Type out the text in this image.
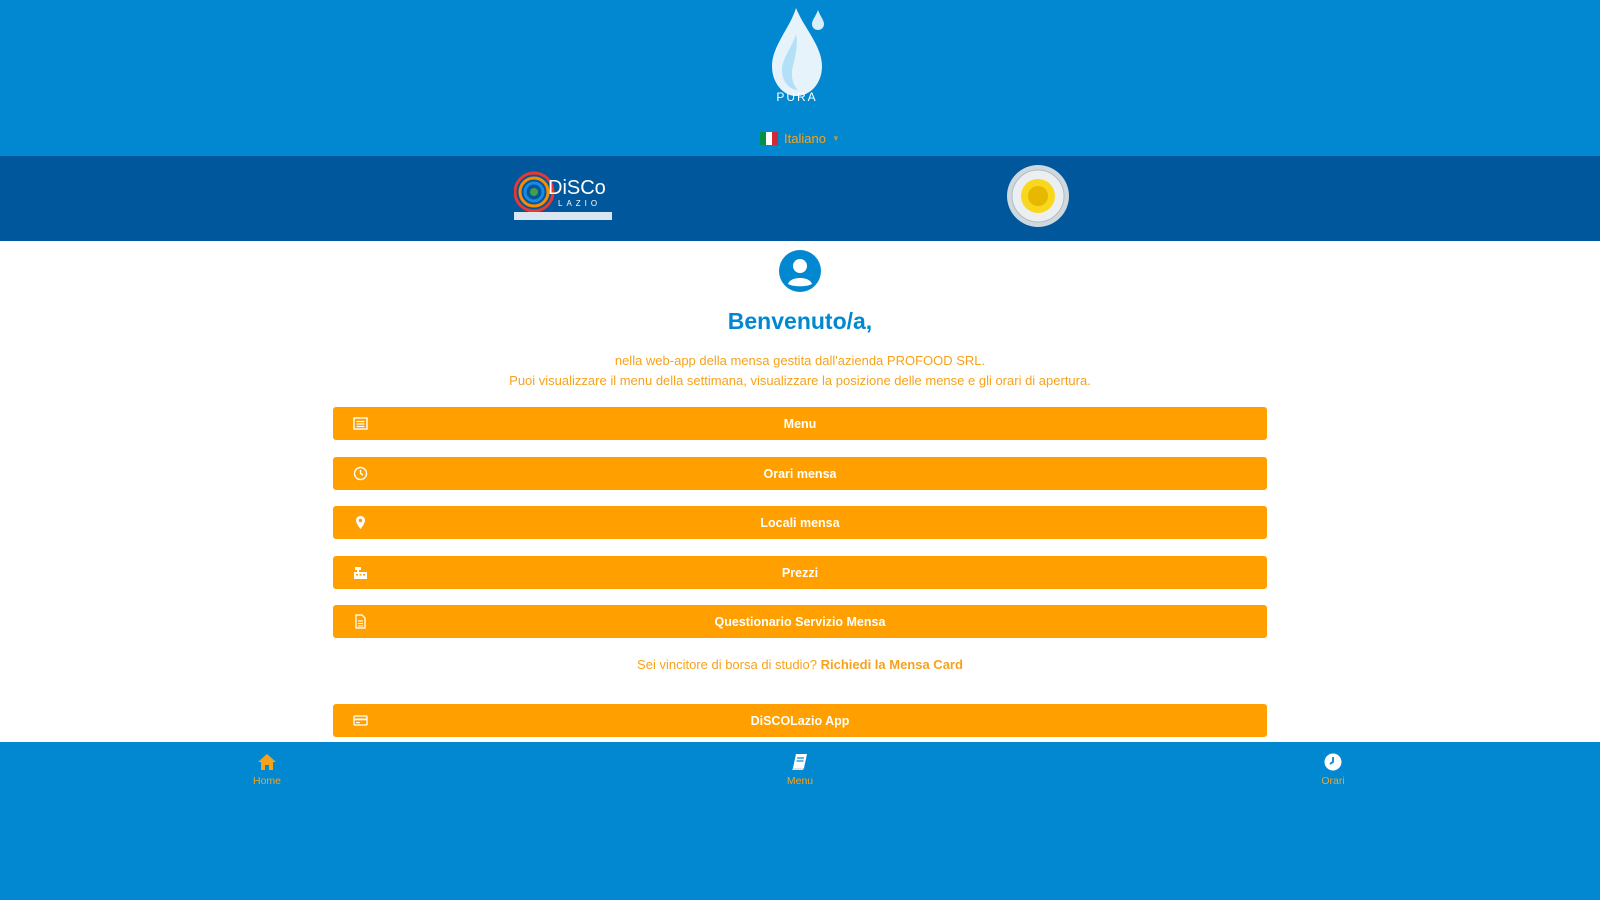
PURA
Italiano ▼
DiSCo
LAZIO
Benvenuto/a,
nella web-app della mensa gestita dall'azienda PROFOOD SRL.
Puoi visualizzare il menu della settimana, visualizzare la posizione delle mense e gli orari di apertura.
Menu
Orari mensa
Locali mensa
Prezzi
Questionario Servizio Mensa
Sei vincitore di borsa di studio? Richiedi la Mensa Card
DiSCOLazio App
Home	Menu	Orari
